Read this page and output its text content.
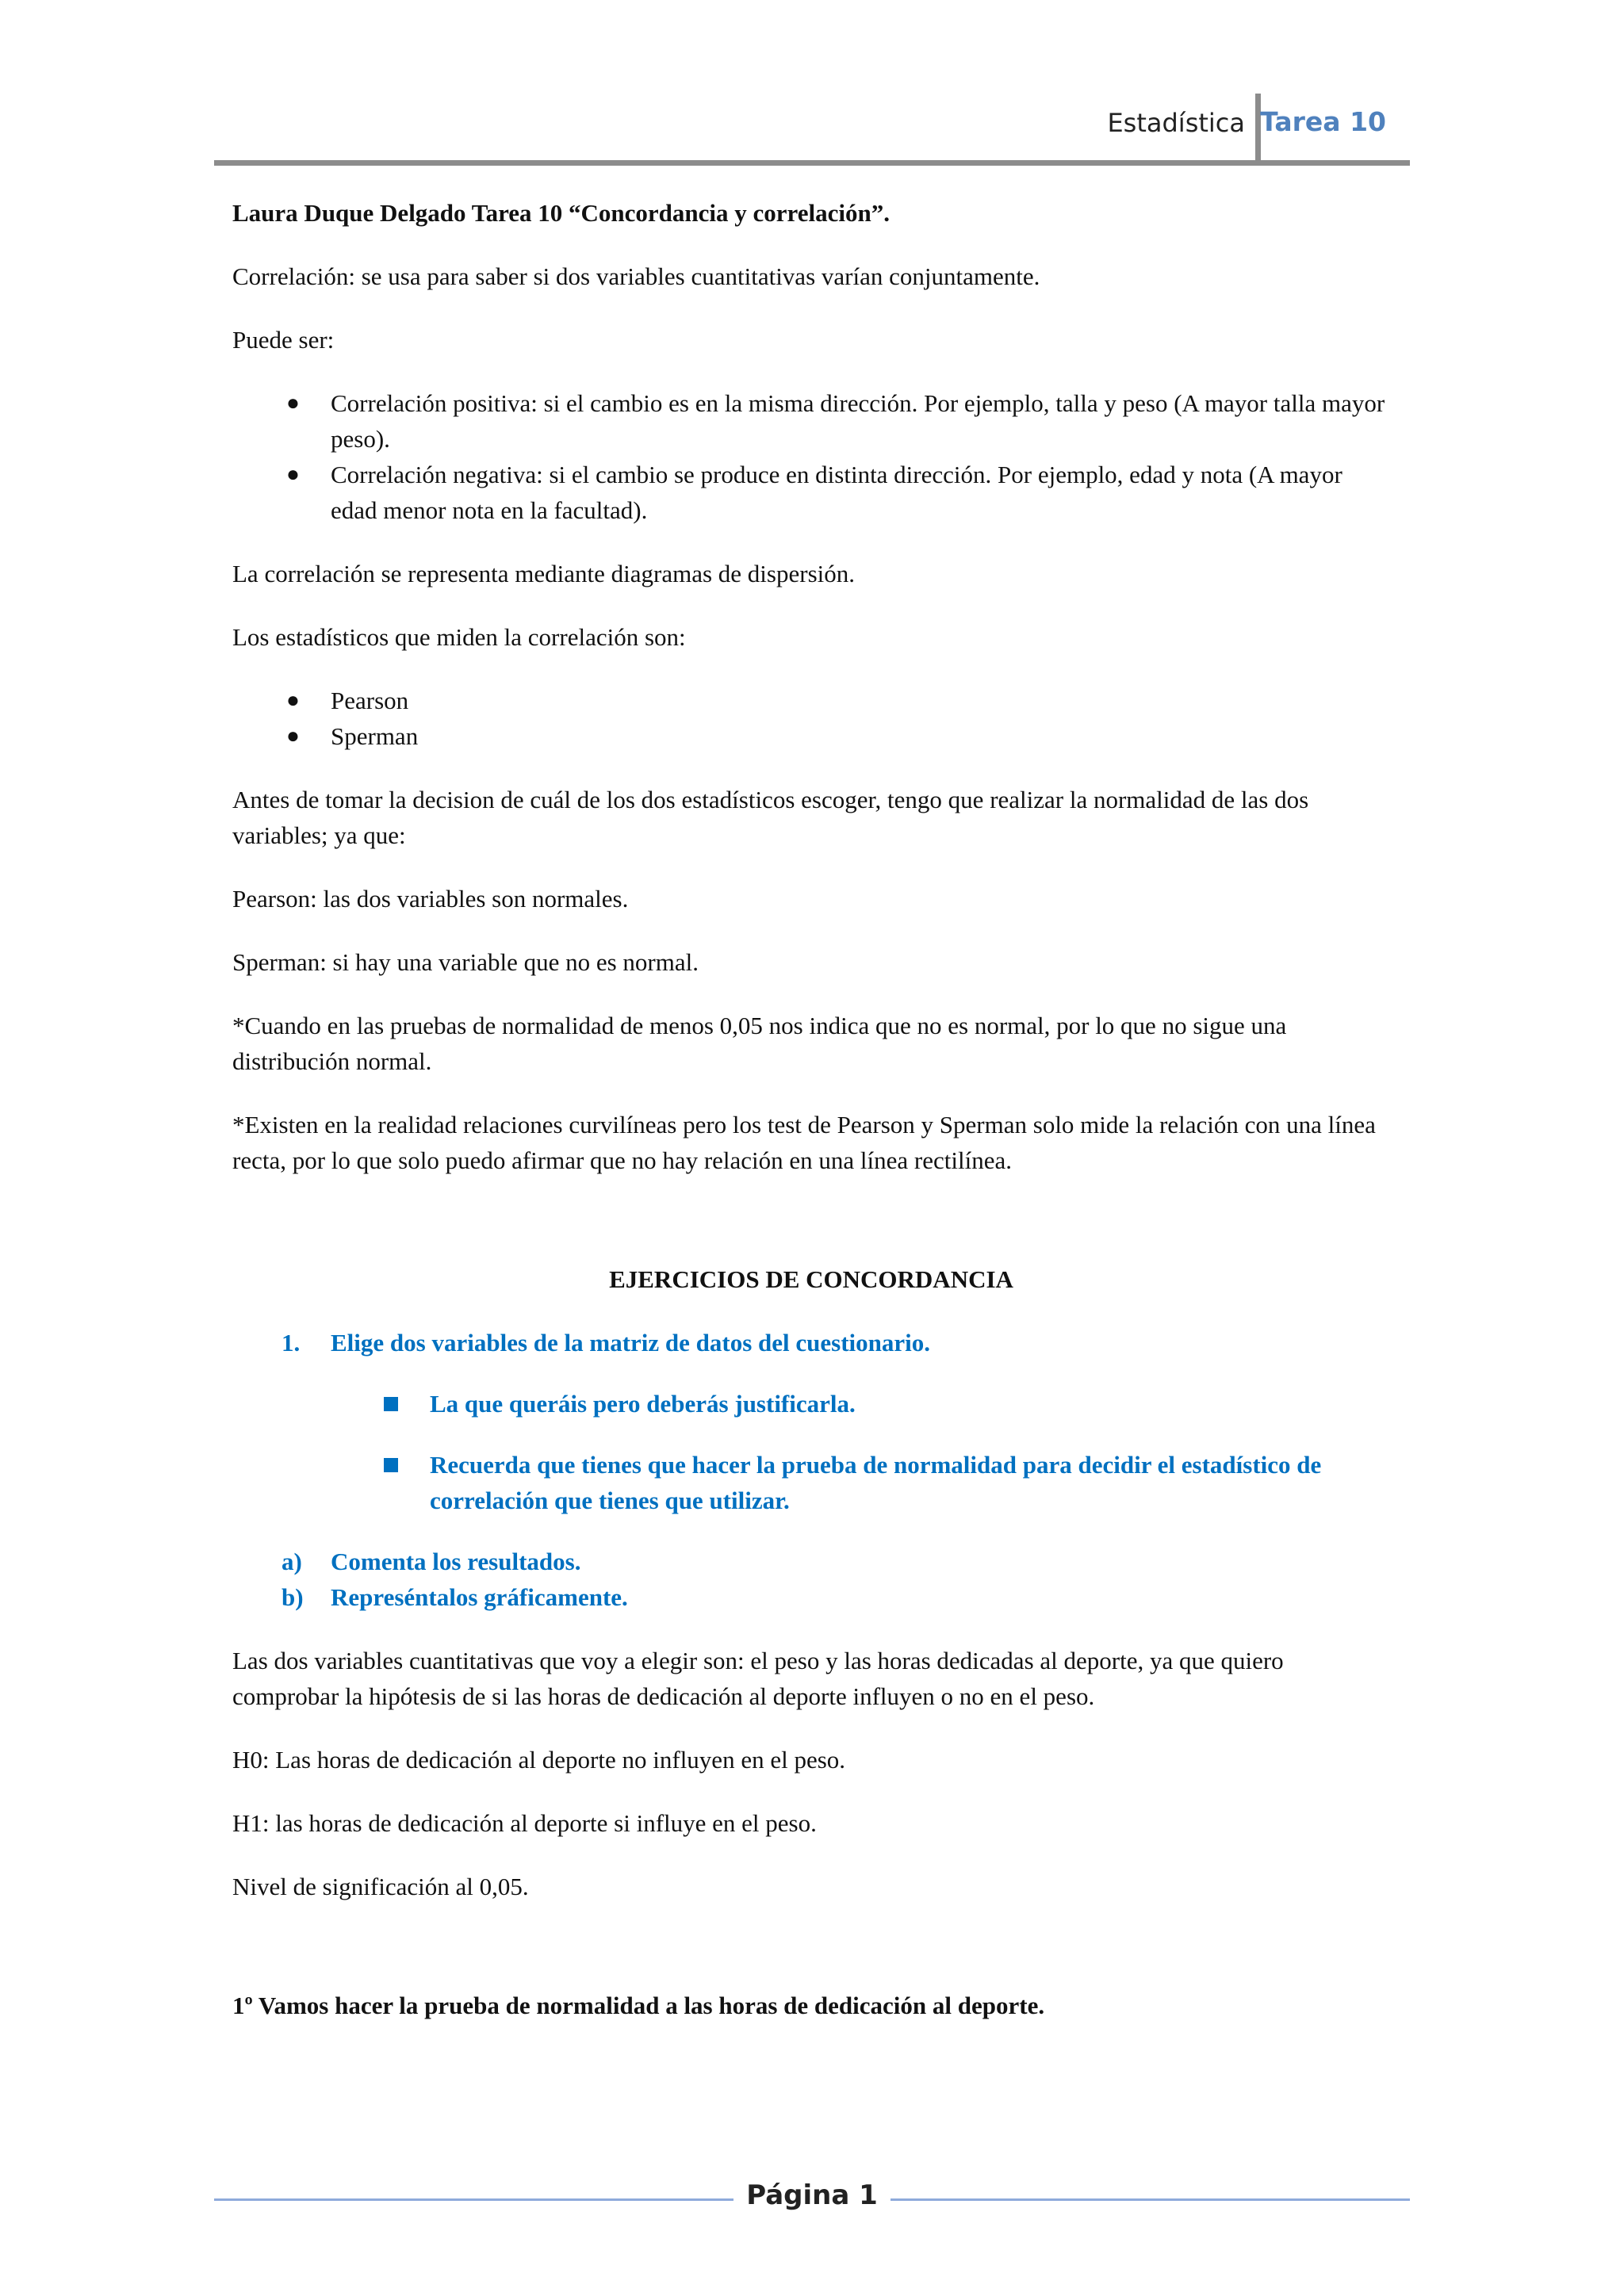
Estadística Tarea 10

Laura Duque Delgado Tarea 10 “Concordancia y correlación”.

Correlación: se usa para saber si dos variables cuantitativas varían conjuntamente.

Puede ser:

● Correlación positiva: si el cambio es en la misma dirección. Por ejemplo, talla y peso (A mayor talla mayor peso).
● Correlación negativa: si el cambio se produce en distinta dirección. Por ejemplo, edad y nota (A mayor edad menor nota en la facultad).

La correlación se representa mediante diagramas de dispersión.

Los estadísticos que miden la correlación son:

● Pearson
● Sperman

Antes de tomar la decision de cuál de los dos estadísticos escoger, tengo que realizar la normalidad de las dos variables; ya que:

Pearson: las dos variables son normales.

Sperman: si hay una variable que no es normal.

*Cuando en las pruebas de normalidad de menos 0,05 nos indica que no es normal, por lo que no sigue una distribución normal.

*Existen en la realidad relaciones curvilíneas pero los test de Pearson y Sperman solo mide la relación con una línea recta, por lo que solo puedo afirmar que no hay relación en una línea rectilínea.

EJERCICIOS DE CONCORDANCIA

1. Elige dos variables de la matriz de datos del cuestionario.
La que queráis pero deberás justificarla.
Recuerda que tienes que hacer la prueba de normalidad para decidir el estadístico de correlación que tienes que utilizar.
a) Comenta los resultados.
b) Represéntalos gráficamente.

Las dos variables cuantitativas que voy a elegir son: el peso y las horas dedicadas al deporte, ya que quiero comprobar la hipótesis de si las horas de dedicación al deporte influyen o no en el peso.

H0: Las horas de dedicación al deporte no influyen en el peso.

H1: las horas de dedicación al deporte si influye en el peso.

Nivel de significación al 0,05.

1º Vamos hacer la prueba de normalidad a las horas de dedicación al deporte.

Página 1
